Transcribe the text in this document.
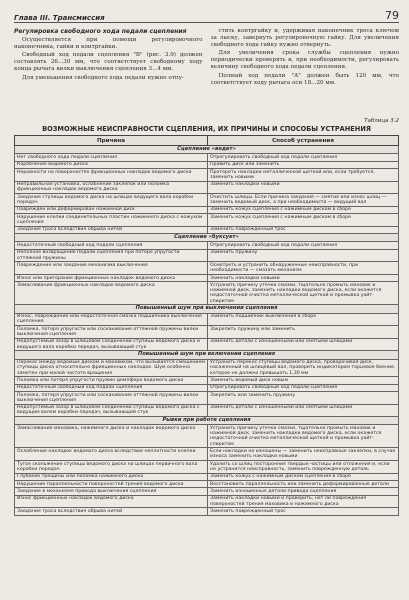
Глава III. Трансмиссия	79
Регулировка свободного хода педали сцепления

Осуществляется при помощи регулировочного наконечника, гайки и контргайки.

Свободный ход педали сцепления "В" (рис. 3.9) должен составлять 26...30 мм, что соответствует свободному ходу конца рычага вилки выключения сцепления 3...4 мм.

Для уменьшения свободного хода педали нужно отпу-

стить контргайку и, удерживая наконечник троса ключом за лыску, завернуть регулировочную гайку. Для увеличения свободного хода гайку нужно отвернуть.

Для увеличения срока службы сцепления нужно периодически проверять и, при необходимости, регулировать величину свободного хода педали сцепления.

Полный ход педали "А" должен быть 120 мм, что соответствует ходу рычага оси 18...20 мм.

Таблица 3.2
ВОЗМОЖНЫЕ НЕИСПРАВНОСТИ СЦЕПЛЕНИЯ, ИХ ПРИЧИНЫ И СПОСОБЫ УСТРАНЕНИЯ
Причина	Способ устранения
Сцепление «ведет»	
Нет свободного хода педали сцепления	Отрегулировать свободный ход педали сцепления
Коробление ведомого диска	Править диск или заменить
Неровности на поверхностях фрикционных накладок ведомого диска	Протереть накладки металлической щеткой или, если требуется, заменить новыми
Неправильная установка, ослабление заклепок или поломка фрикционных накладок ведомого диска	Заменить накладки новыми
Заедание ступицы ведомого диска на шлицах ведущего вала коробки передач	Очистить шлицы. Если причина заедания — смятие или износ шлиц — заменить ведомый диск, а при необходимости — ведущий вал
Поврежден или деформирован нажимной диск	Заменить кожух сцепления с нажимным диском в сборе
Нарушение клепки соединительных пластин нажимного диска с кожухом сцепления	Заменить кожух сцепления с нажимным диском в сборе
Заедание троса вследствие обрыва нитей	Заменить поврежденный трос
Сцепление «буксует»	
Недостаточный свободный ход педали сцепления	Отрегулировать свободный ход педали сцепления
Неполное возвращение педали сцепления при потере упругости оттяжной пружины	Заменить пружину
Повреждение или заедание механизма выключения	Осмотреть и устранить обнаруженные неисправности, при необходимости — смазать механизм
Износ или пригорание фрикционных накладок ведомого диска	Заменить накладки новыми
Замасливание фрикционных накладок ведомого диска	Устранить причину утечки смазки, тщательно промыть маховик и нажимной диск, заменить накладки ведомого диска, если окажется недостаточной очистка металлической щеткой и промывка уайт-спиритом
Повышенный шум при выключении сцепления	
Износ, повреждение или недостаточная смазка подшипника выключения сцепления	Заменить подшипник выключения в сборе
Поломка, потеря упругости или соскакивание оттяжной пружины вилки выключения сцепления	Закрепить пружину или заменить
Недопустимый зазор в шлицевом соединении ступицы ведомого диска и ведущего вала коробки передач, вызывающий стук	Заменить детали с изношенными или смятыми шлицами
Повышенный шум при включении сцепления	
Перекос между ведомым диском и маховиком, что вызывается смещением ступицы диска относительно фрикционных накладок. Шум особенно заметен при малой частоте вращения	Устранить перекос ступицы ведомого диска, проворачивая диск, насаженный на шлицевый вал, проверить индикатором торцевое биение, которое не должно превышать 1,30 мм
Поломка или потеря упругости пружин демпфера ведомого диска	Заменить ведомый диск новым
Недостаточный свободный ход педали сцепления	Отрегулировать свободный ход педали сцепления
Поломка, потеря упругости или соскакивание оттяжной пружины вилки выключения сцепления	Закрепить или заменить пружину
Недопустимый зазор в шлицевом соединении ступицы ведомого диска с ведущим валом коробки передач, вызывающий стук	Заменить детали с изношенными или смятыми шлицами
Рывки при работе сцепления	
Замасливание маховика, нажимного диска и накладок ведомого диска	Устранить причину утечки смазки, тщательно промыть маховик и нажимной диск, заменить накладки ведомого диска, если окажется недостаточной очистка металлической щеткой и промывка уайт-спиритом
Ослабление накладок ведомого диска вследствие неплотности клепки	Если накладки не изношены — заменить неисправные заклепки, в случае износа заменить накладки новыми
Тугое скольжение ступицы ведомого диска на шлицах первичного вала коробки передач	Удалить со шлиц посторонние твердые частицы или отложения и, если не устранится неисправность, заменить поврежденную деталь
Глубокие трещины или поломка нажимного диска	Заменить кожух с нажимным диском сцепления в сборе
Нарушение параллельности поверхностей трения ведомого диска	Восстановить параллельность или заменить деформированные детали
Заедание в механизме привода выключения сцепления	Заменить изношенные детали привода сцепления
Износ фрикционных накладок ведомого диска	Заменить накладки новыми и проверить, нет ли повреждения поверхностей трения маховика и нажимного диска
Заедание троса вследствие обрыва нитей	Заменить поврежденный трос
